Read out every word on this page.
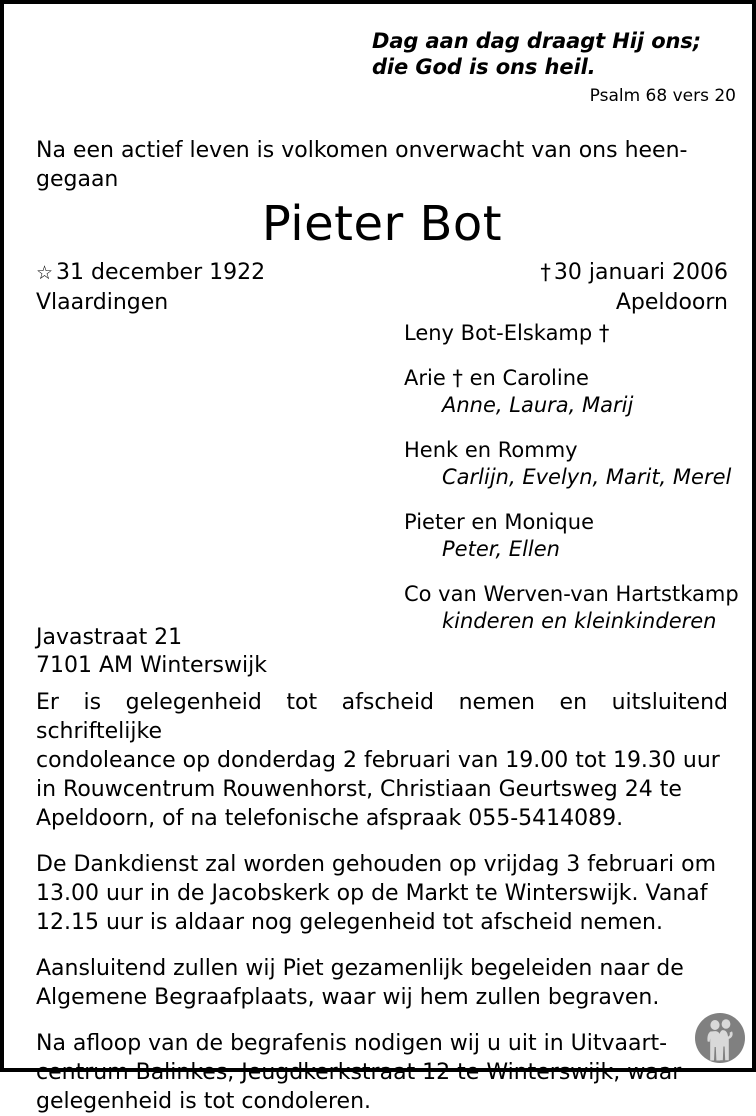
Dag aan dag draagt Hij ons;
die God is ons heil.
Psalm 68 vers 20
Na een actief leven is volkomen onverwacht van ons heen-
gegaan
Pieter Bot
☆ 31 december 1922	† 30 januari 2006
Vlaardingen	Apeldoorn
Leny Bot-Elskamp †
Arie † en Caroline
Anne, Laura, Marij
Henk en Rommy
Carlijn, Evelyn, Marit, Merel
Pieter en Monique
Peter, Ellen
Co van Werven-van Hartstkamp
kinderen en kleinkinderen
Javastraat 21
7101 AM Winterswijk
Er is gelegenheid tot afscheid nemen en uitsluitend schriftelijke
condoleance op donderdag 2 februari van 19.00 tot 19.30 uur
in Rouwcentrum Rouwenhorst, Christiaan Geurtsweg 24 te
Apeldoorn, of na telefonische afspraak 055-5414089.
De Dankdienst zal worden gehouden op vrijdag 3 februari om
13.00 uur in de Jacobskerk op de Markt te Winterswijk. Vanaf
12.15 uur is aldaar nog gelegenheid tot afscheid nemen.
Aansluitend zullen wij Piet gezamenlijk begeleiden naar de
Algemene Begraafplaats, waar wij hem zullen begraven.
Na afloop van de begrafenis nodigen wij u uit in Uitvaart-
centrum Balinkes, Jeugdkerkstraat 12 te Winterswijk, waar
gelegenheid is tot condoleren.
